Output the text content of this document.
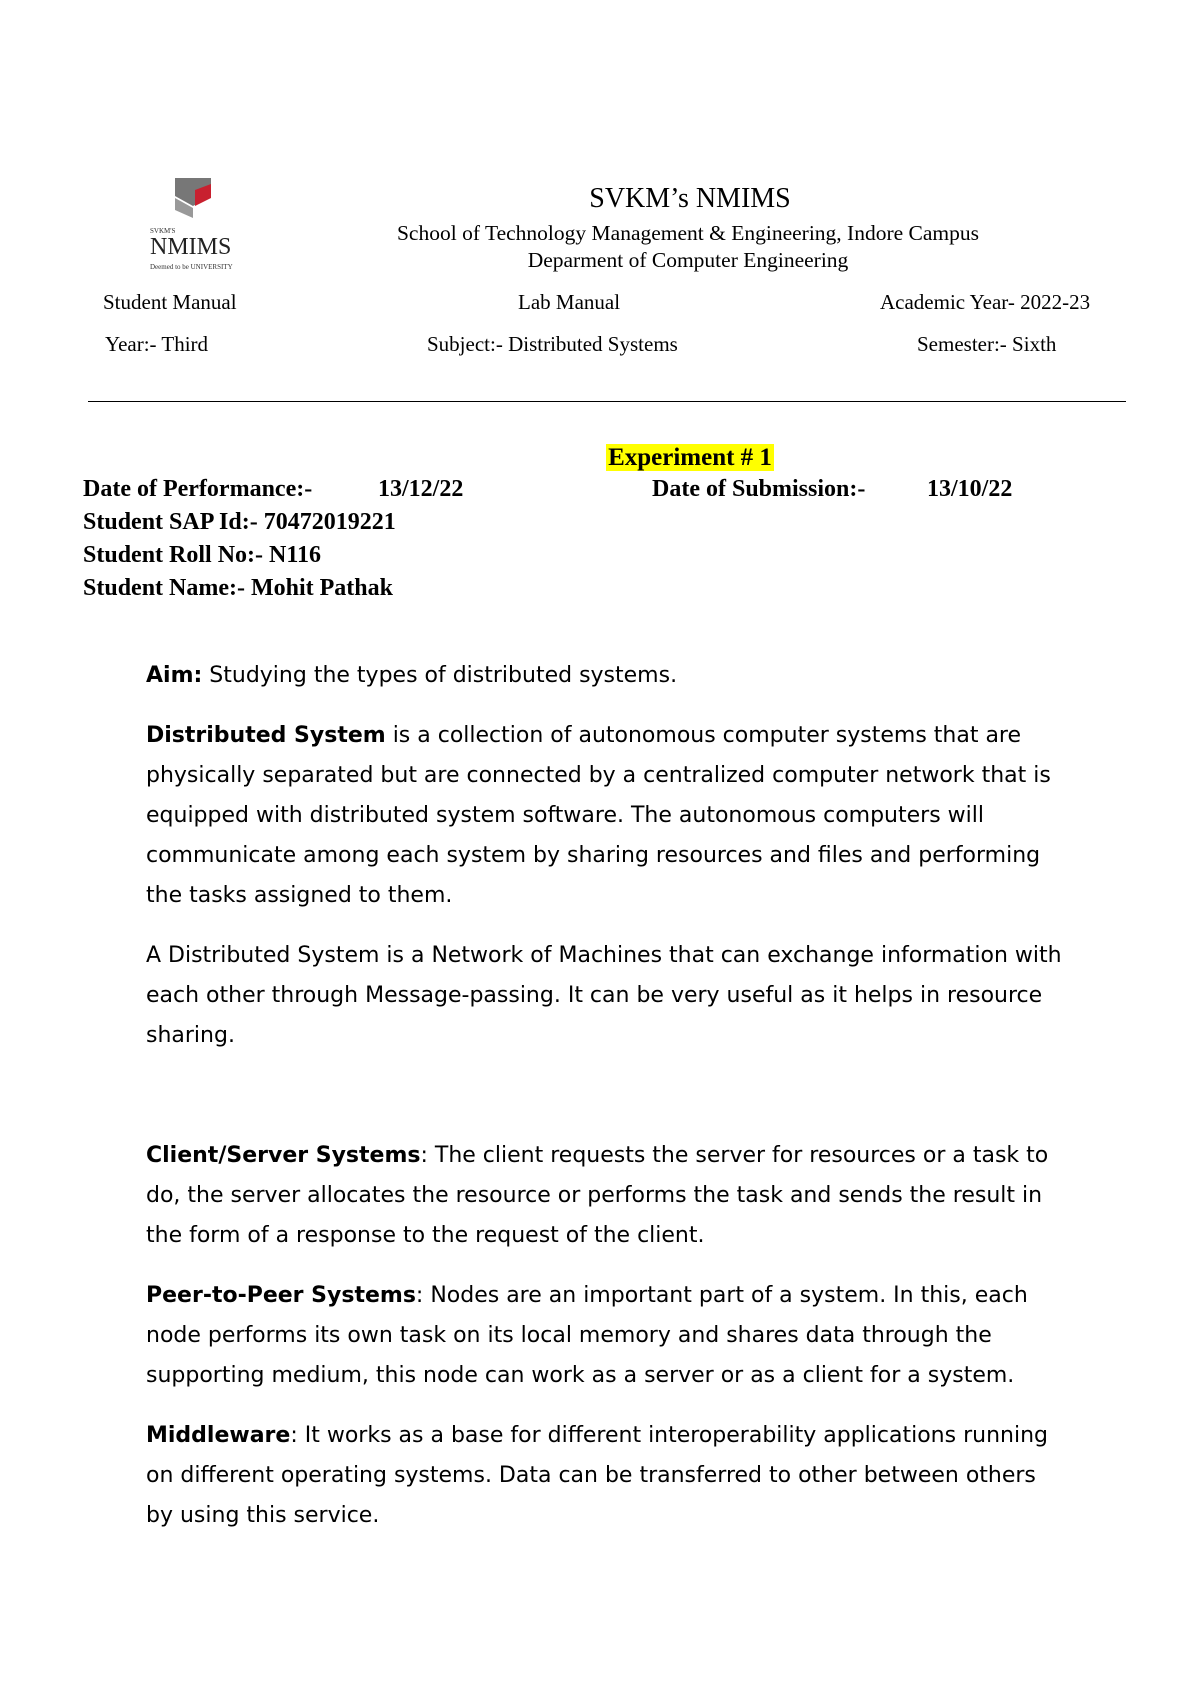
SVKM'S
NMIMS
Deemed to be UNIVERSITY
SVKM’s NMIMS
School of Technology Management & Engineering, Indore Campus
Deparment of Computer Engineering
Student Manual	Lab Manual	Academic Year- 2022-23
Year:- Third	Subject:- Distributed Systems	Semester:- Sixth
Experiment # 1
Date of Performance:-	13/12/22	Date of Submission:-	13/10/22
Student SAP Id:- 70472019221
Student Roll No:- N116
Student Name:- Mohit Pathak

Aim: Studying the types of distributed systems.

Distributed System is a collection of autonomous computer systems that are physically separated but are connected by a centralized computer network that is equipped with distributed system software. The autonomous computers will communicate among each system by sharing resources and files and performing the tasks assigned to them.

A Distributed System is a Network of Machines that can exchange information with each other through Message-passing. It can be very useful as it helps in resource sharing.

Client/Server Systems: The client requests the server for resources or a task to do, the server allocates the resource or performs the task and sends the result in the form of a response to the request of the client.

Peer-to-Peer Systems: Nodes are an important part of a system. In this, each node performs its own task on its local memory and shares data through the supporting medium, this node can work as a server or as a client for a system.

Middleware: It works as a base for different interoperability applications running on different operating systems. Data can be transferred to other between others by using this service.
